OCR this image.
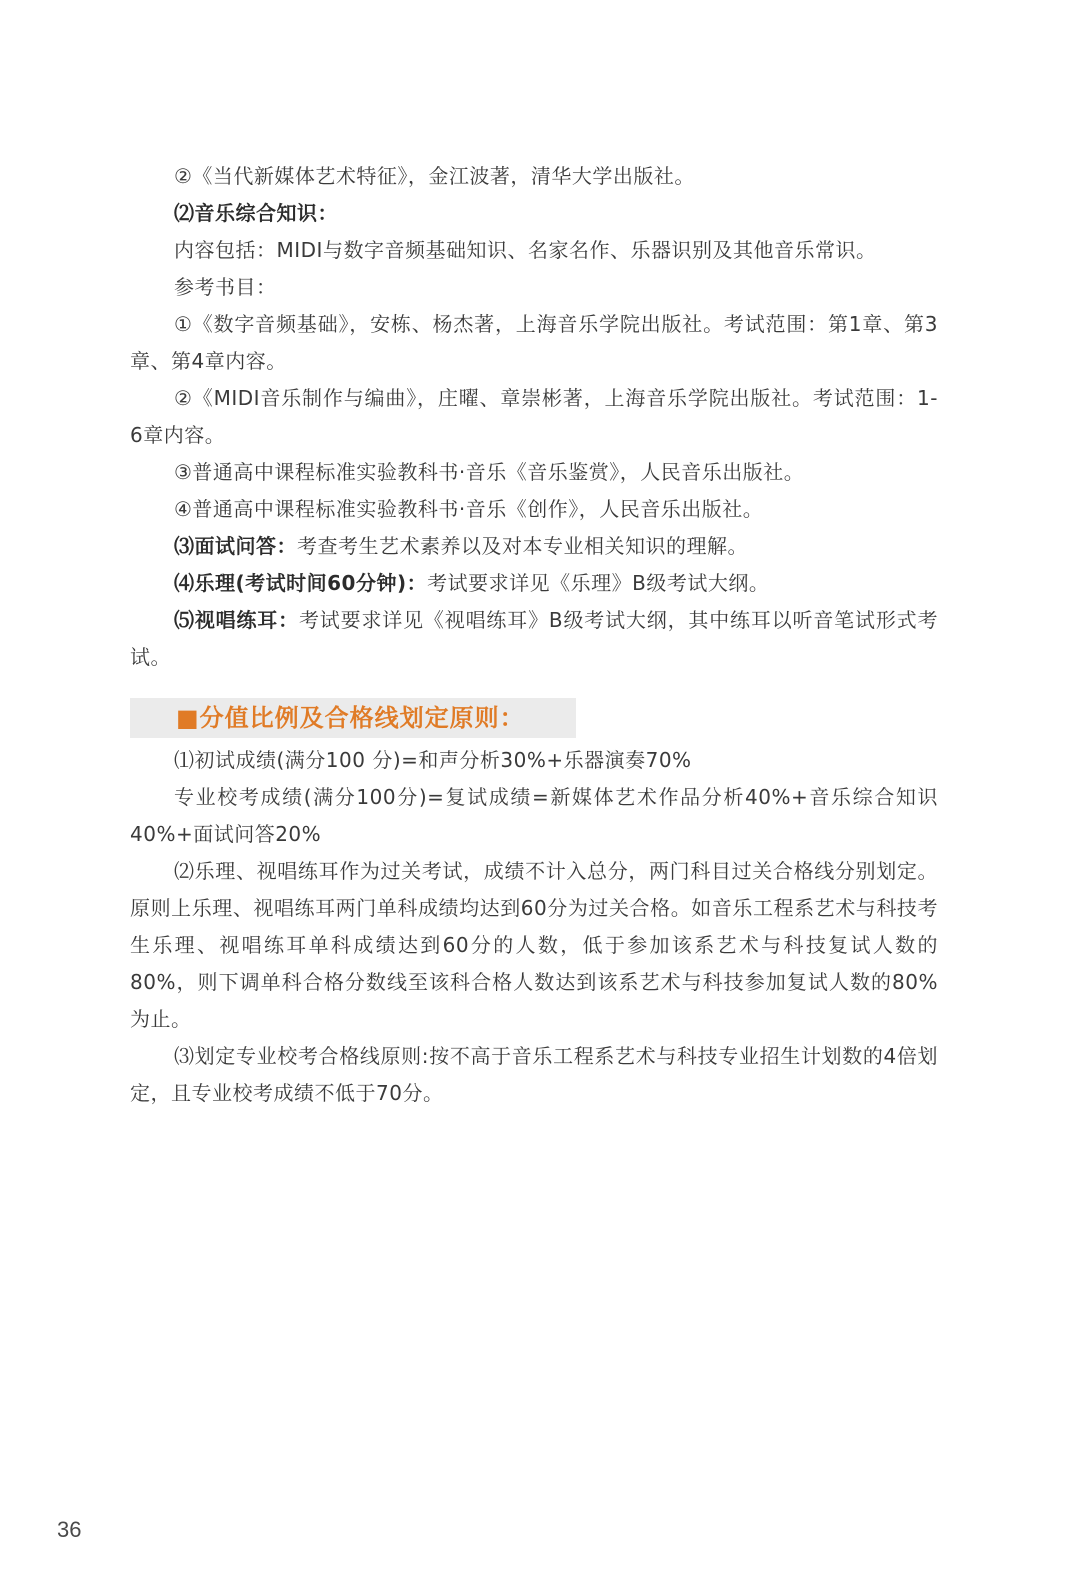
②《当代新媒体艺术特征》，金江波著，清华大学出版社。

⑵音乐综合知识：

内容包括：MIDI与数字音频基础知识、名家名作、乐器识别及其他音乐常识。

参考书目：

①《数字音频基础》，安栋、杨杰著，上海音乐学院出版社。考试范围：第1章、第3章、第4章内容。

②《MIDI音乐制作与编曲》，庄曜、章崇彬著，上海音乐学院出版社。考试范围：1-6章内容。

③普通高中课程标准实验教科书·音乐《音乐鉴赏》，人民音乐出版社。

④普通高中课程标准实验教科书·音乐《创作》，人民音乐出版社。

⑶面试问答：考查考生艺术素养以及对本专业相关知识的理解。

⑷乐理(考试时间60分钟)：考试要求详见《乐理》B级考试大纲。

⑸视唱练耳：考试要求详见《视唱练耳》B级考试大纲，其中练耳以听音笔试形式考试。

■分值比例及合格线划定原则：

⑴初试成绩(满分100 分)=和声分析30%+乐器演奏70%

专业校考成绩(满分100分)=复试成绩=新媒体艺术作品分析40%+音乐综合知识40%+面试问答20%

⑵乐理、视唱练耳作为过关考试，成绩不计入总分，两门科目过关合格线分别划定。原则上乐理、视唱练耳两门单科成绩均达到60分为过关合格。如音乐工程系艺术与科技考生乐理、视唱练耳单科成绩达到60分的人数，低于参加该系艺术与科技复试人数的80%，则下调单科合格分数线至该科合格人数达到该系艺术与科技参加复试人数的80%为止。

⑶划定专业校考合格线原则:按不高于音乐工程系艺术与科技专业招生计划数的4倍划定，且专业校考成绩不低于70分。

36
